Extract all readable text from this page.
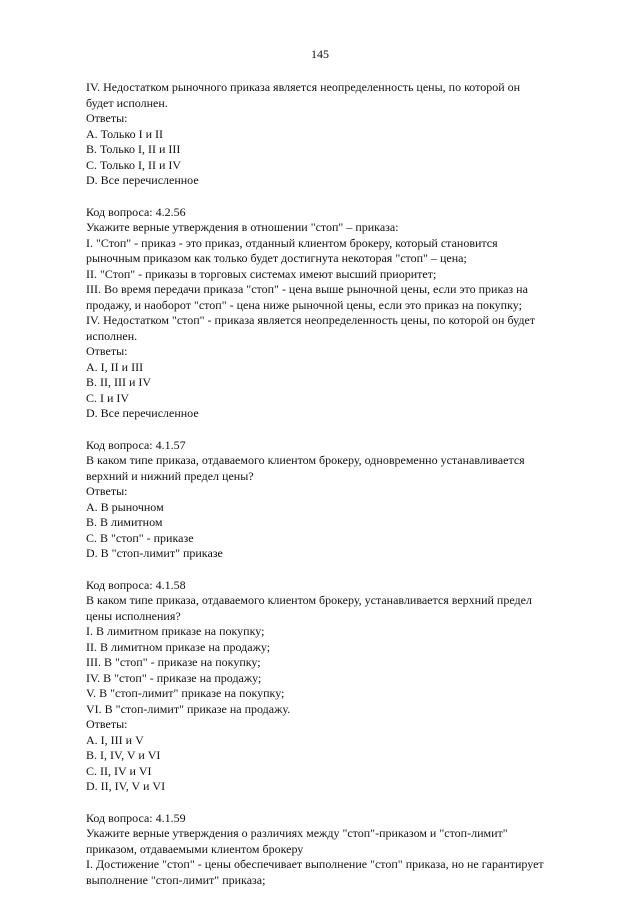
145
IV. Недостатком рыночного приказа является неопределенность цены, по которой он
будет исполнен.
Ответы:
A. Только I и II
B. Только I, II и III
C. Только I, II и IV
D. Все перечисленное
Код вопроса: 4.2.56
Укажите верные утверждения в отношении "стоп" – приказа:
I. "Стоп" - приказ - это приказ, отданный клиентом брокеру, который становится
рыночным приказом как только будет достигнута некоторая "стоп" – цена;
II. "Стоп" - приказы в торговых системах имеют высший приоритет;
III. Во время передачи приказа "стоп" - цена выше рыночной цены, если это приказ на
продажу, и наоборот "стоп" - цена ниже рыночной цены, если это приказ на покупку;
IV. Недостатком "стоп" - приказа является неопределенность цены, по которой он будет
исполнен.
Ответы:
A. I, II и III
B. II, III и IV
C. I и IV
D. Все перечисленное
Код вопроса: 4.1.57
В каком типе приказа, отдаваемого клиентом брокеру, одновременно устанавливается
верхний и нижний предел цены?
Ответы:
A. В рыночном
B. В лимитном
C. В "стоп" - приказе
D. В "стоп-лимит" приказе
Код вопроса: 4.1.58
В каком типе приказа, отдаваемого клиентом брокеру, устанавливается верхний предел
цены исполнения?
I. В лимитном приказе на покупку;
II. В лимитном приказе на продажу;
III. В "стоп" - приказе на покупку;
IV. В "стоп" - приказе на продажу;
V. В "стоп-лимит" приказе на покупку;
VI. В "стоп-лимит" приказе на продажу.
Ответы:
A. I, III и V
B. I, IV, V и VI
C. II, IV и VI
D. II, IV, V и VI
Код вопроса: 4.1.59
Укажите верные утверждения о различиях между "стоп"-приказом и "стоп-лимит"
приказом, отдаваемыми клиентом брокеру
I. Достижение "стоп" - цены обеспечивает выполнение "стоп" приказа, но не гарантирует
выполнение "стоп-лимит" приказа;
